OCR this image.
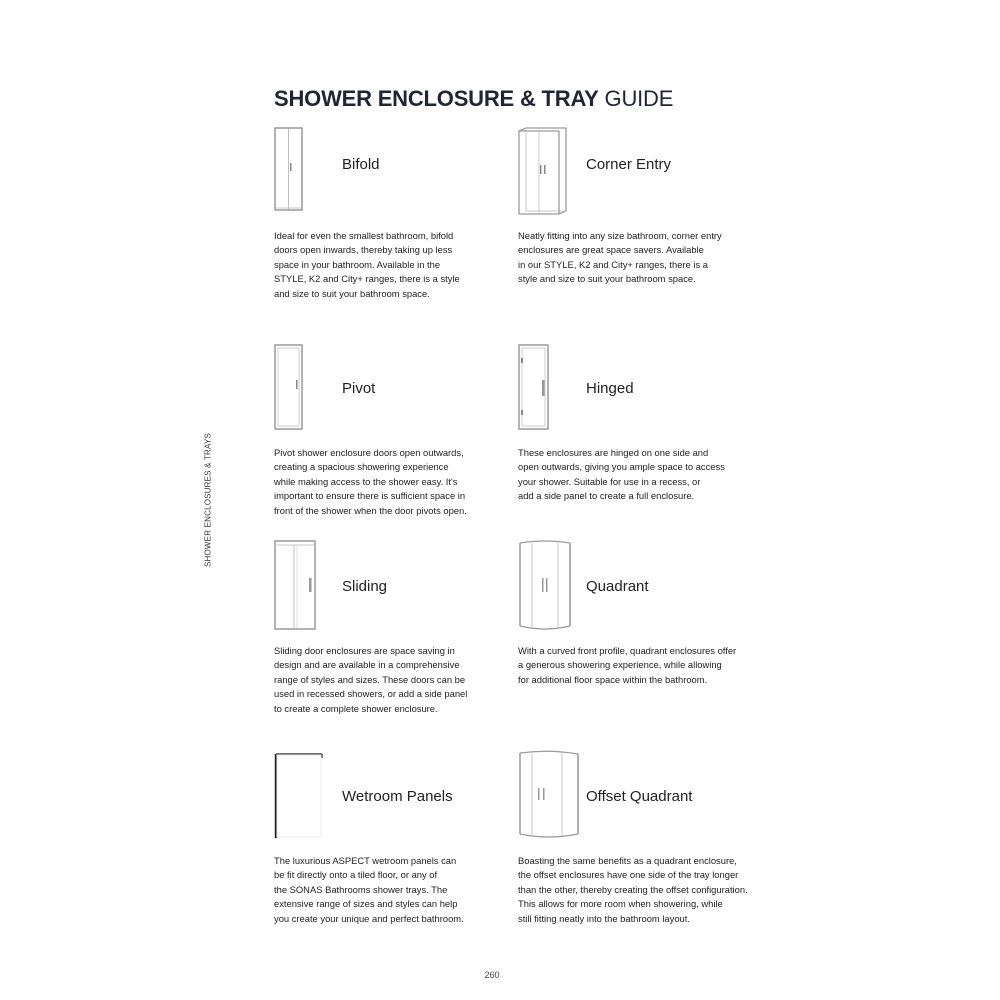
SHOWER ENCLOSURE & TRAY GUIDE
SHOWER ENCLOSURES & TRAYS
Bifold
Ideal for even the smallest bathroom, bifold
doors open inwards, thereby taking up less
space in your bathroom. Available in the
STYLE, K2 and City+ ranges, there is a style
and size to suit your bathroom space.
Corner Entry
Neatly fitting into any size bathroom, corner entry
enclosures are great space savers. Available
in our STYLE, K2 and City+ ranges, there is a
style and size to suit your bathroom space.
Pivot
Pivot shower enclosure doors open outwards,
creating a spacious showering experience
while making access to the shower easy. It's
important to ensure there is sufficient space in
front of the shower when the door pivots open.
Hinged
These enclosures are hinged on one side and
open outwards, giving you ample space to access
your shower. Suitable for use in a recess, or
add a side panel to create a full enclosure.
Sliding
Sliding door enclosures are space saving in
design and are available in a comprehensive
range of styles and sizes. These doors can be
used in recessed showers, or add a side panel
to create a complete shower enclosure.
Quadrant
With a curved front profile, quadrant enclosures offer
a generous showering experience, while allowing
for additional floor space within the bathroom.
Wetroom Panels
The luxurious ASPECT wetroom panels can
be fit directly onto a tiled floor, or any of
the SONAS Bathrooms shower trays. The
extensive range of sizes and styles can help
you create your unique and perfect bathroom.
Offset Quadrant
Boasting the same benefits as a quadrant enclosure,
the offset enclosures have one side of the tray longer
than the other, thereby creating the offset configuration.
This allows for more room when showering, while
still fitting neatly into the bathroom layout.
260
